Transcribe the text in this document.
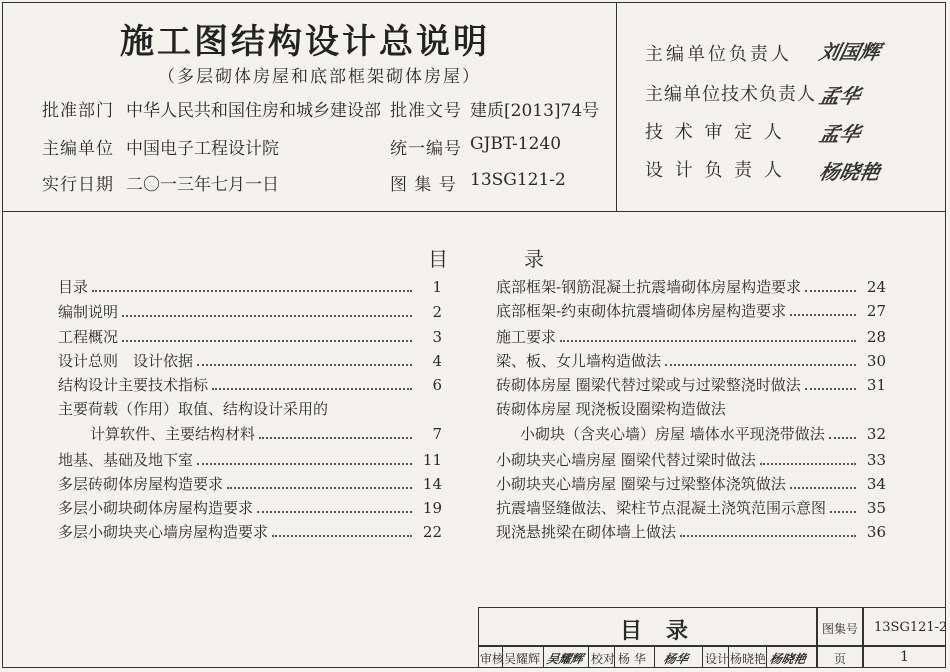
施工图结构设计总说明
（多层砌体房屋和底部框架砌体房屋）
批准部门 中华人民共和国住房和城乡建设部 批准文号 建质[2013]74号
主编单位 中国电子工程设计院	统一编号 GJBT-1240
实行日期 二〇一三年七月一日	图 集 号 13SG121-2
主编单位负责人 刘国辉
主编单位技术负责人 孟华
技 术 审 定 人 孟华
设 计 负 责 人 杨晓艳
目	录
目录	1
编制说明	2
工程概况	3
设计总则　设计依据	4
结构设计主要技术指标	6
主要荷载（作用）取值、结构设计采用的
计算软件、主要结构材料	7
地基、基础及地下室	11
多层砖砌体房屋构造要求	14
多层小砌块砌体房屋构造要求	19
多层小砌块夹心墙房屋构造要求	22
底部框架-钢筋混凝土抗震墙砌体房屋构造要求	24
底部框架-约束砌体抗震墙砌体房屋构造要求	27
施工要求	28
梁、板、女儿墙构造做法	30
砖砌体房屋 圈梁代替过梁或与过梁整浇时做法	31
砖砌体房屋 现浇板设圈梁构造做法
小砌块（含夹心墙）房屋 墙体水平现浇带做法	32
小砌块夹心墙房屋 圈梁代替过梁时做法	33
小砌块夹心墙房屋 圈梁与过梁整体浇筑做法	34
抗震墙竖缝做法、梁柱节点混凝土浇筑范围示意图	35
现浇悬挑梁在砌体墙上做法	36
目 录	图集号 13SG121-2
审核 吴耀辉 吴耀辉 校对 杨 华 杨华 设计 杨晓艳 杨晓艳 页	1
